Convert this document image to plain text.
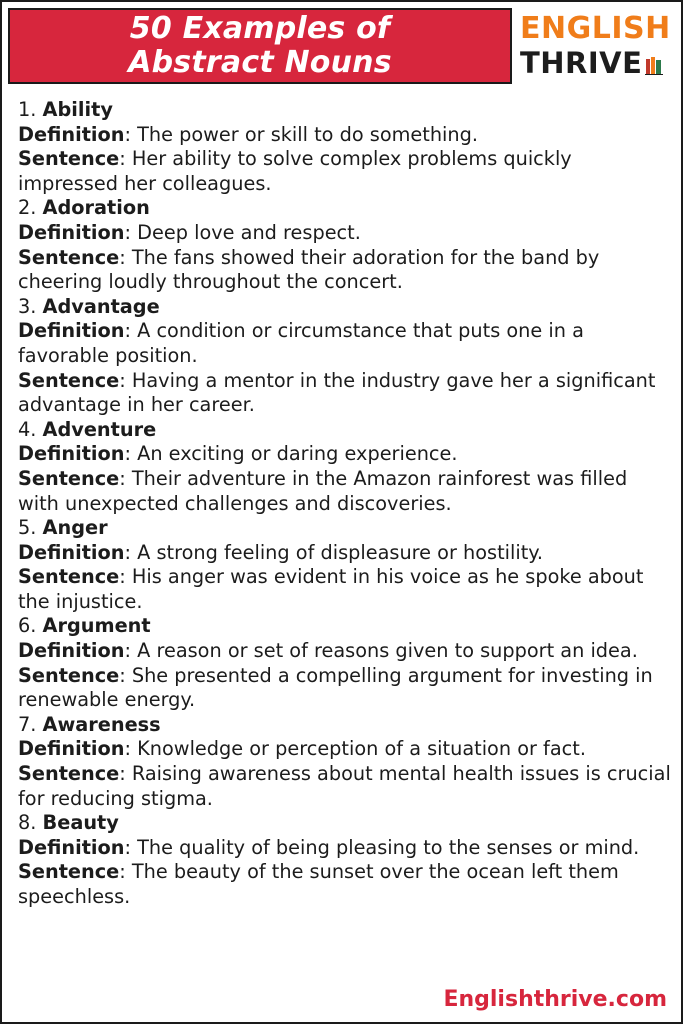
50 Examples of
Abstract Nouns
ENGLISH
THRIVE
1. Ability
Definition: The power or skill to do something.
Sentence: Her ability to solve complex problems quickly impressed her colleagues.
2. Adoration
Definition: Deep love and respect.
Sentence: The fans showed their adoration for the band by cheering loudly throughout the concert.
3. Advantage
Definition: A condition or circumstance that puts one in a favorable position.
Sentence: Having a mentor in the industry gave her a significant advantage in her career.
4. Adventure
Definition: An exciting or daring experience.
Sentence: Their adventure in the Amazon rainforest was filled with unexpected challenges and discoveries.
5. Anger
Definition: A strong feeling of displeasure or hostility.
Sentence: His anger was evident in his voice as he spoke about the injustice.
6. Argument
Definition: A reason or set of reasons given to support an idea.
Sentence: She presented a compelling argument for investing in renewable energy.
7. Awareness
Definition: Knowledge or perception of a situation or fact.
Sentence: Raising awareness about mental health issues is crucial for reducing stigma.
8. Beauty
Definition: The quality of being pleasing to the senses or mind.
Sentence: The beauty of the sunset over the ocean left them speechless.
Englishthrive.com
